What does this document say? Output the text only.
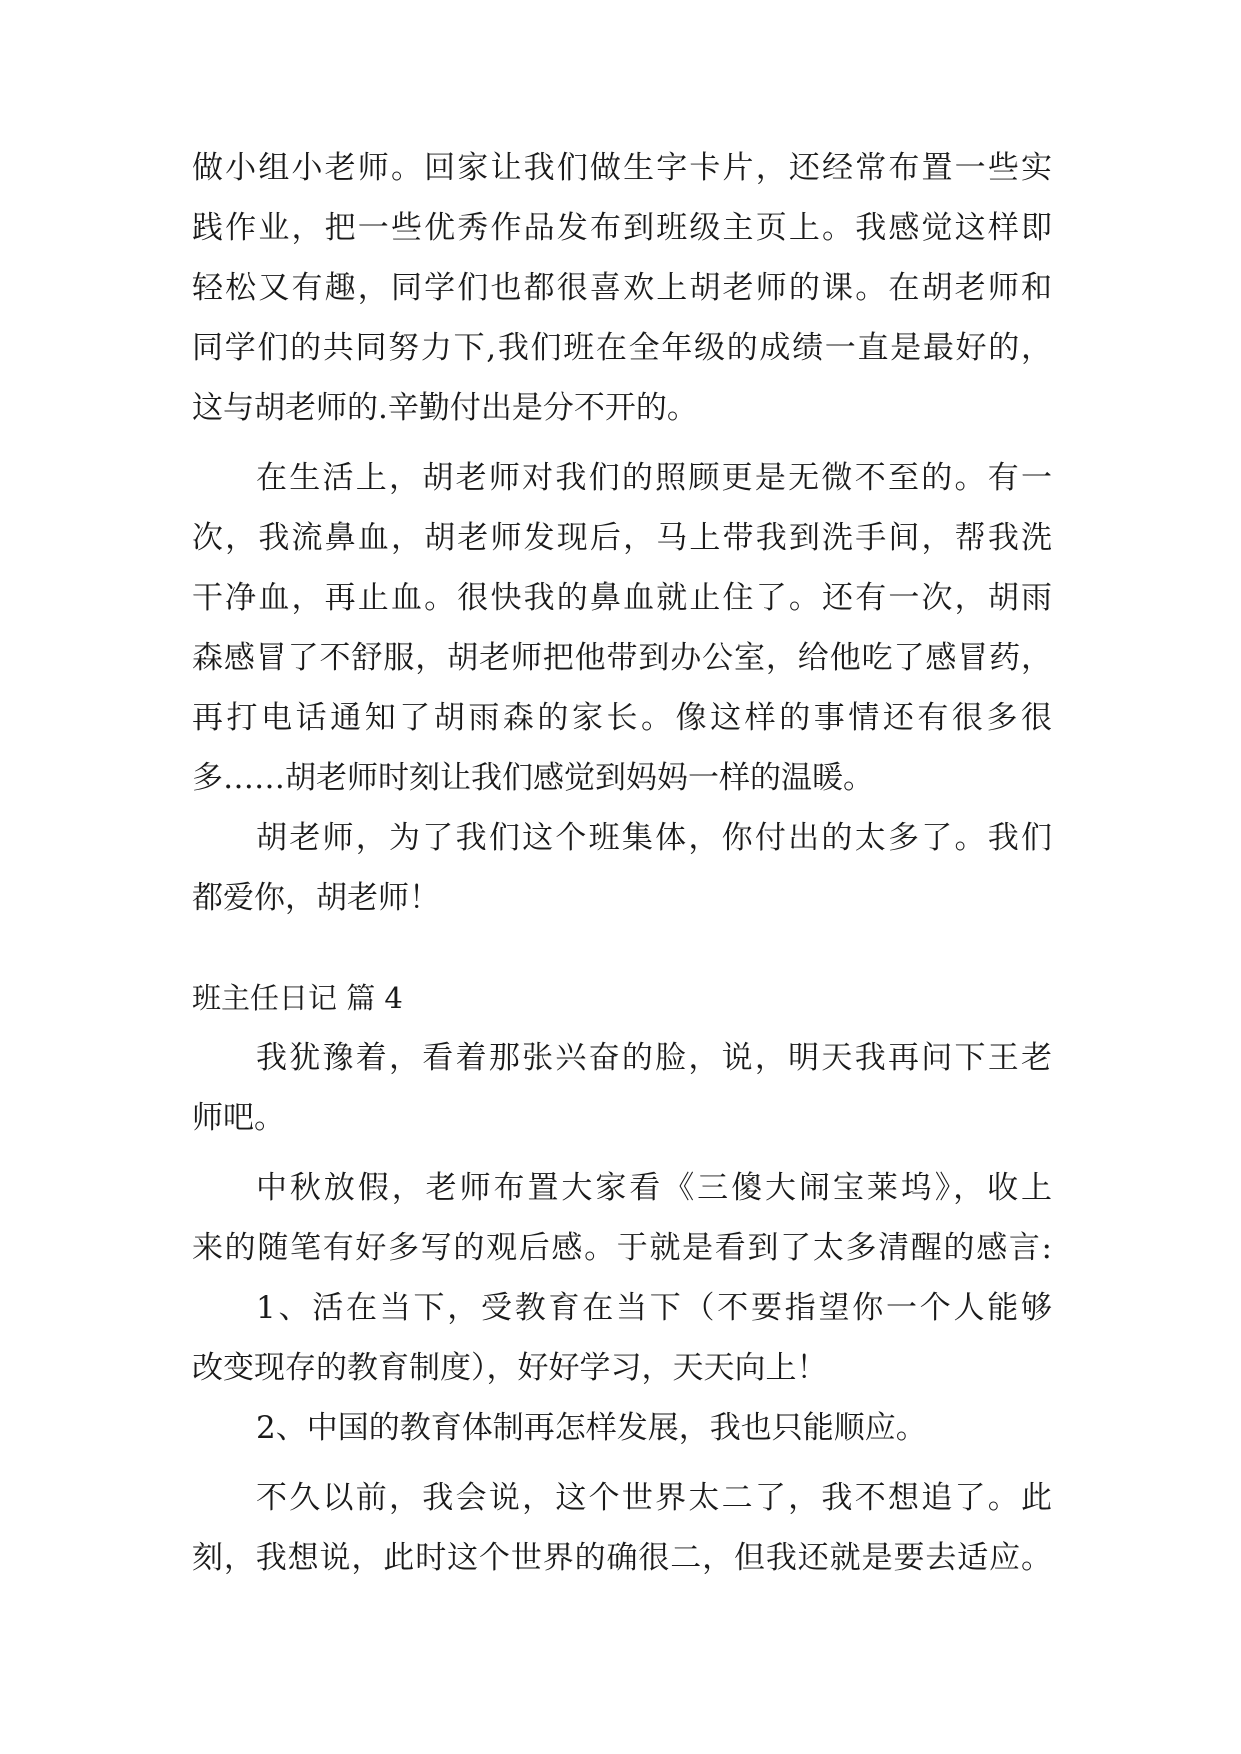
做小组小老师。回家让我们做生字卡片，还经常布置一些实
践作业，把一些优秀作品发布到班级主页上。我感觉这样即
轻松又有趣，同学们也都很喜欢上胡老师的课。在胡老师和
同学们的共同努力下,我们班在全年级的成绩一直是最好的，
这与胡老师的.辛勤付出是分不开的。
在生活上，胡老师对我们的照顾更是无微不至的。有一
次，我流鼻血，胡老师发现后，马上带我到洗手间，帮我洗
干净血，再止血。很快我的鼻血就止住了。还有一次，胡雨
森感冒了不舒服，胡老师把他带到办公室，给他吃了感冒药，
再打电话通知了胡雨森的家长。像这样的事情还有很多很
多……胡老师时刻让我们感觉到妈妈一样的温暖。
胡老师，为了我们这个班集体，你付出的太多了。我们
都爱你，胡老师！
班主任日记 篇 4
我犹豫着，看着那张兴奋的脸，说，明天我再问下王老
师吧。
中秋放假，老师布置大家看《三傻大闹宝莱坞》，收上
来的随笔有好多写的观后感。于就是看到了太多清醒的感言:
1、活在当下，受教育在当下（不要指望你一个人能够
改变现存的教育制度），好好学习，天天向上！
2、中国的教育体制再怎样发展，我也只能顺应。
不久以前，我会说，这个世界太二了，我不想追了。此
刻，我想说，此时这个世界的确很二，但我还就是要去适应。
